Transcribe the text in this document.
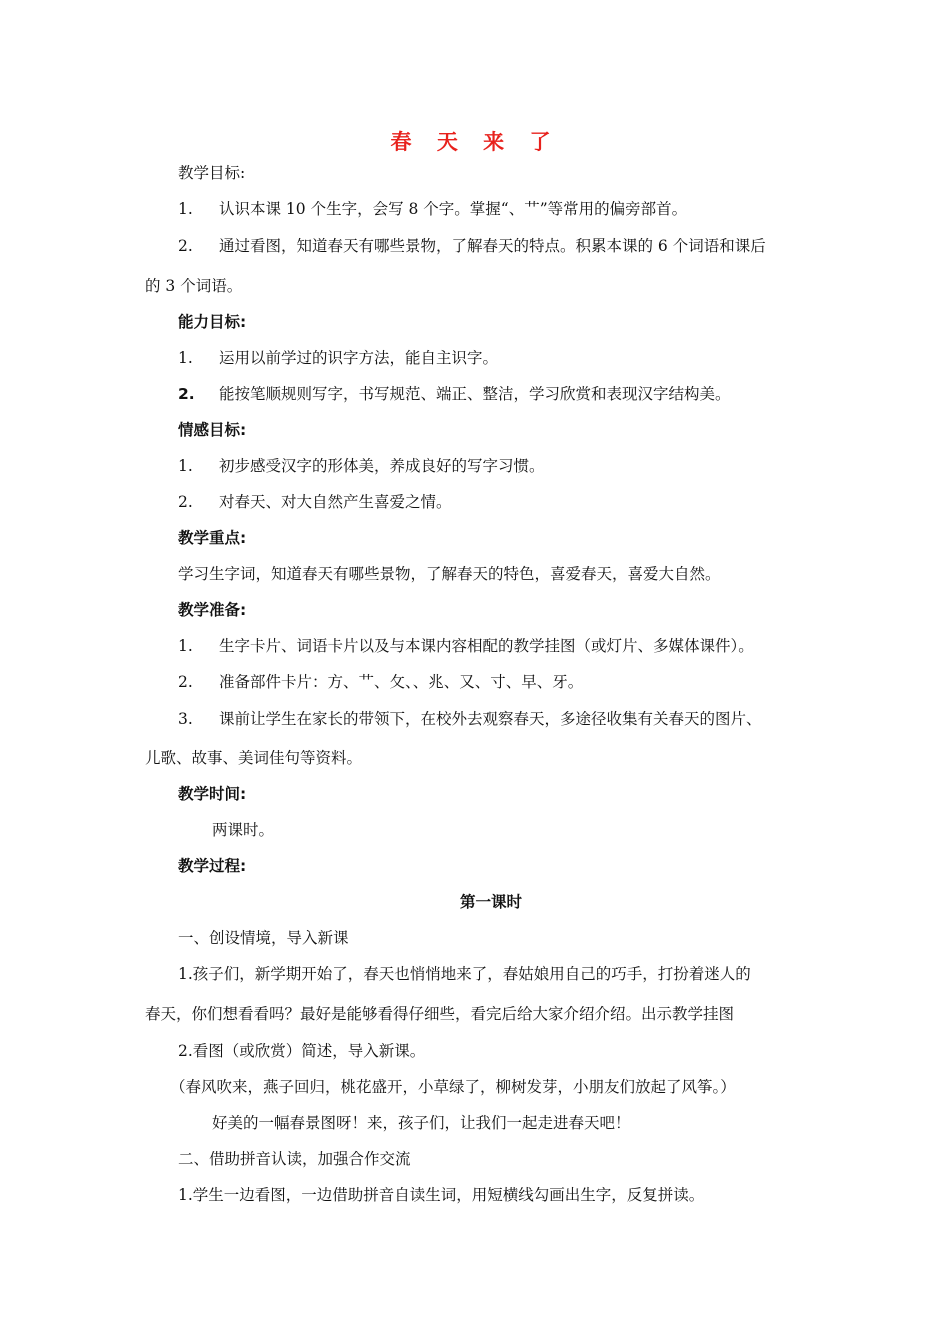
春 天 来 了
教学目标:
1. 认识本课 10 个生字，会写 8 个字。掌握“、艹”等常用的偏旁部首。
2. 通过看图，知道春天有哪些景物，了解春天的特点。积累本课的 6 个词语和课后
的 3 个词语。
能力目标:
1. 运用以前学过的识字方法，能自主识字。
2. 能按笔顺规则写字，书写规范、端正、整洁，学习欣赏和表现汉字结构美。
情感目标:
1. 初步感受汉字的形体美，养成良好的写字习惯。
2. 对春天、对大自然产生喜爱之情。
教学重点:
学习生字词，知道春天有哪些景物，了解春天的特色，喜爱春天，喜爱大自然。
教学准备:
1. 生字卡片、词语卡片以及与本课内容相配的教学挂图（或灯片、多媒体课件）。
2. 准备部件卡片：方、艹、攵、、兆、又、寸、早、牙。
3. 课前让学生在家长的带领下，在校外去观察春天，多途径收集有关春天的图片、
儿歌、故事、美词佳句等资料。
教学时间:
两课时。
教学过程:
第一课时
一、创设情境，导入新课
1.孩子们，新学期开始了，春天也悄悄地来了，春姑娘用自己的巧手，打扮着迷人的
春天，你们想看看吗？最好是能够看得仔细些，看完后给大家介绍介绍。出示教学挂图
2.看图（或欣赏）简述，导入新课。
（春风吹来，燕子回归，桃花盛开，小草绿了，柳树发芽，小朋友们放起了风筝。）
好美的一幅春景图呀！来，孩子们，让我们一起走进春天吧！
二、借助拼音认读，加强合作交流
1.学生一边看图，一边借助拼音自读生词，用短横线勾画出生字，反复拼读。
